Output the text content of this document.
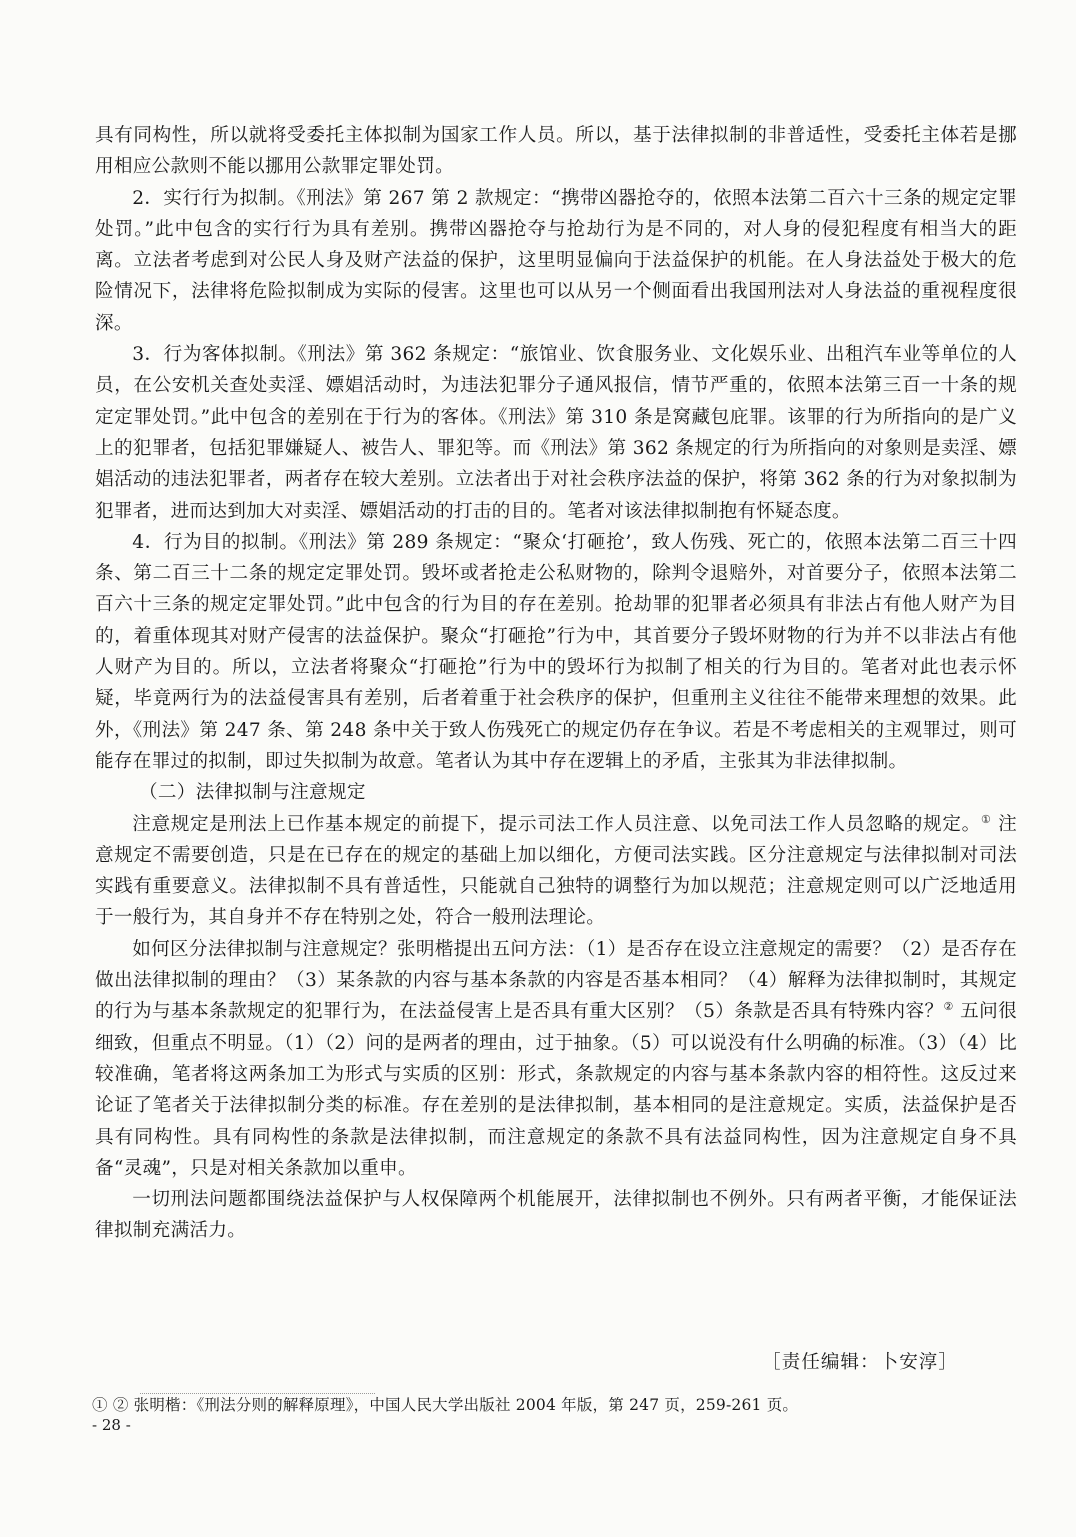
具有同构性，所以就将受委托主体拟制为国家工作人员。所以，基于法律拟制的非普适性，受委托主体若是挪用相应公款则不能以挪用公款罪定罪处罚。

2．实行行为拟制。《刑法》第 267 第 2 款规定：“携带凶器抢夺的，依照本法第二百六十三条的规定定罪处罚。”此中包含的实行行为具有差别。携带凶器抢夺与抢劫行为是不同的，对人身的侵犯程度有相当大的距离。立法者考虑到对公民人身及财产法益的保护，这里明显偏向于法益保护的机能。在人身法益处于极大的危险情况下，法律将危险拟制成为实际的侵害。这里也可以从另一个侧面看出我国刑法对人身法益的重视程度很深。

3．行为客体拟制。《刑法》第 362 条规定：“旅馆业、饮食服务业、文化娱乐业、出租汽车业等单位的人员，在公安机关查处卖淫、嫖娼活动时，为违法犯罪分子通风报信，情节严重的，依照本法第三百一十条的规定定罪处罚。”此中包含的差别在于行为的客体。《刑法》第 310 条是窝藏包庇罪。该罪的行为所指向的是广义上的犯罪者，包括犯罪嫌疑人、被告人、罪犯等。而《刑法》第 362 条规定的行为所指向的对象则是卖淫、嫖娼活动的违法犯罪者，两者存在较大差别。立法者出于对社会秩序法益的保护，将第 362 条的行为对象拟制为犯罪者，进而达到加大对卖淫、嫖娼活动的打击的目的。笔者对该法律拟制抱有怀疑态度。

4．行为目的拟制。《刑法》第 289 条规定：“聚众‘打砸抢’，致人伤残、死亡的，依照本法第二百三十四条、第二百三十二条的规定定罪处罚。毁坏或者抢走公私财物的，除判令退赔外，对首要分子，依照本法第二百六十三条的规定定罪处罚。”此中包含的行为目的存在差别。抢劫罪的犯罪者必须具有非法占有他人财产为目的，着重体现其对财产侵害的法益保护。聚众“打砸抢”行为中，其首要分子毁坏财物的行为并不以非法占有他人财产为目的。所以，立法者将聚众“打砸抢”行为中的毁坏行为拟制了相关的行为目的。笔者对此也表示怀疑，毕竟两行为的法益侵害具有差别，后者着重于社会秩序的保护，但重刑主义往往不能带来理想的效果。此外，《刑法》第 247 条、第 248 条中关于致人伤残死亡的规定仍存在争议。若是不考虑相关的主观罪过，则可能存在罪过的拟制，即过失拟制为故意。笔者认为其中存在逻辑上的矛盾，主张其为非法律拟制。

（二）法律拟制与注意规定

注意规定是刑法上已作基本规定的前提下，提示司法工作人员注意、以免司法工作人员忽略的规定。① 注意规定不需要创造，只是在已存在的规定的基础上加以细化，方便司法实践。区分注意规定与法律拟制对司法实践有重要意义。法律拟制不具有普适性，只能就自己独特的调整行为加以规范；注意规定则可以广泛地适用于一般行为，其自身并不存在特别之处，符合一般刑法理论。

如何区分法律拟制与注意规定？张明楷提出五问方法：（1）是否存在设立注意规定的需要？（2）是否存在做出法律拟制的理由？（3）某条款的内容与基本条款的内容是否基本相同？（4）解释为法律拟制时，其规定的行为与基本条款规定的犯罪行为，在法益侵害上是否具有重大区别？（5）条款是否具有特殊内容？② 五问很细致，但重点不明显。（1）（2）问的是两者的理由，过于抽象。（5）可以说没有什么明确的标准。（3）（4）比较准确，笔者将这两条加工为形式与实质的区别：形式，条款规定的内容与基本条款内容的相符性。这反过来论证了笔者关于法律拟制分类的标准。存在差别的是法律拟制，基本相同的是注意规定。实质，法益保护是否具有同构性。具有同构性的条款是法律拟制，而注意规定的条款不具有法益同构性，因为注意规定自身不具备“灵魂”，只是对相关条款加以重申。

一切刑法问题都围绕法益保护与人权保障两个机能展开，法律拟制也不例外。只有两者平衡，才能保证法律拟制充满活力。

［责任编辑：卜安淳］
① ② 张明楷：《刑法分则的解释原理》，中国人民大学出版社 2004 年版，第 247 页，259-261 页。
- 28 -
